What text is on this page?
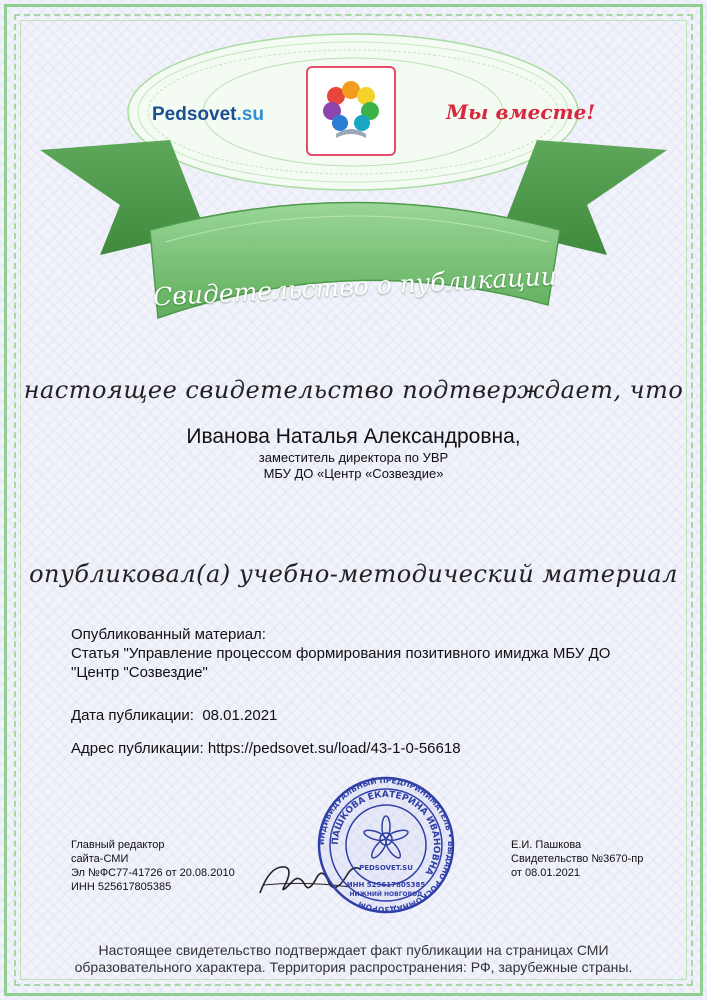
Pedsovet.su	Мы вместе!
Свидетельство о публикации
настоящее свидетельство подтверждает, что
Иванова Наталья Александровна,
заместитель директора по УВР
МБУ ДО «Центр «Созвездие»
опубликовал(а) учебно-методический материал
Опубликованный материал:
Статья "Управление процессом формирования позитивного имиджа МБУ ДО
"Центр "Созвездие"
Дата публикации: 08.01.2021
Адрес публикации: https://pedsovet.su/load/43-1-0-56618
Главный редактор
сайта-СМИ
Эл №ФС77-41726 от 20.08.2010
ИНН 525617805385
ИНДИВИДУАЛЬНЫЙ ПРЕДПРИНИМАТЕЛЬ • ВЫДАНО РОСКОМНАДЗОРОМ
ПАШКОВА ЕКАТЕРИНА ИВАНОВНА
PEDSOVET.SU
ИНН 525617805385
НИЖНИЙ НОВГОРОД
Е.И. Пашкова
Свидетельство №3670-пр
от 08.01.2021
Настоящее свидетельство подтверждает факт публикации на страницах СМИ
образовательного характера. Территория распространения: РФ, зарубежные страны.
